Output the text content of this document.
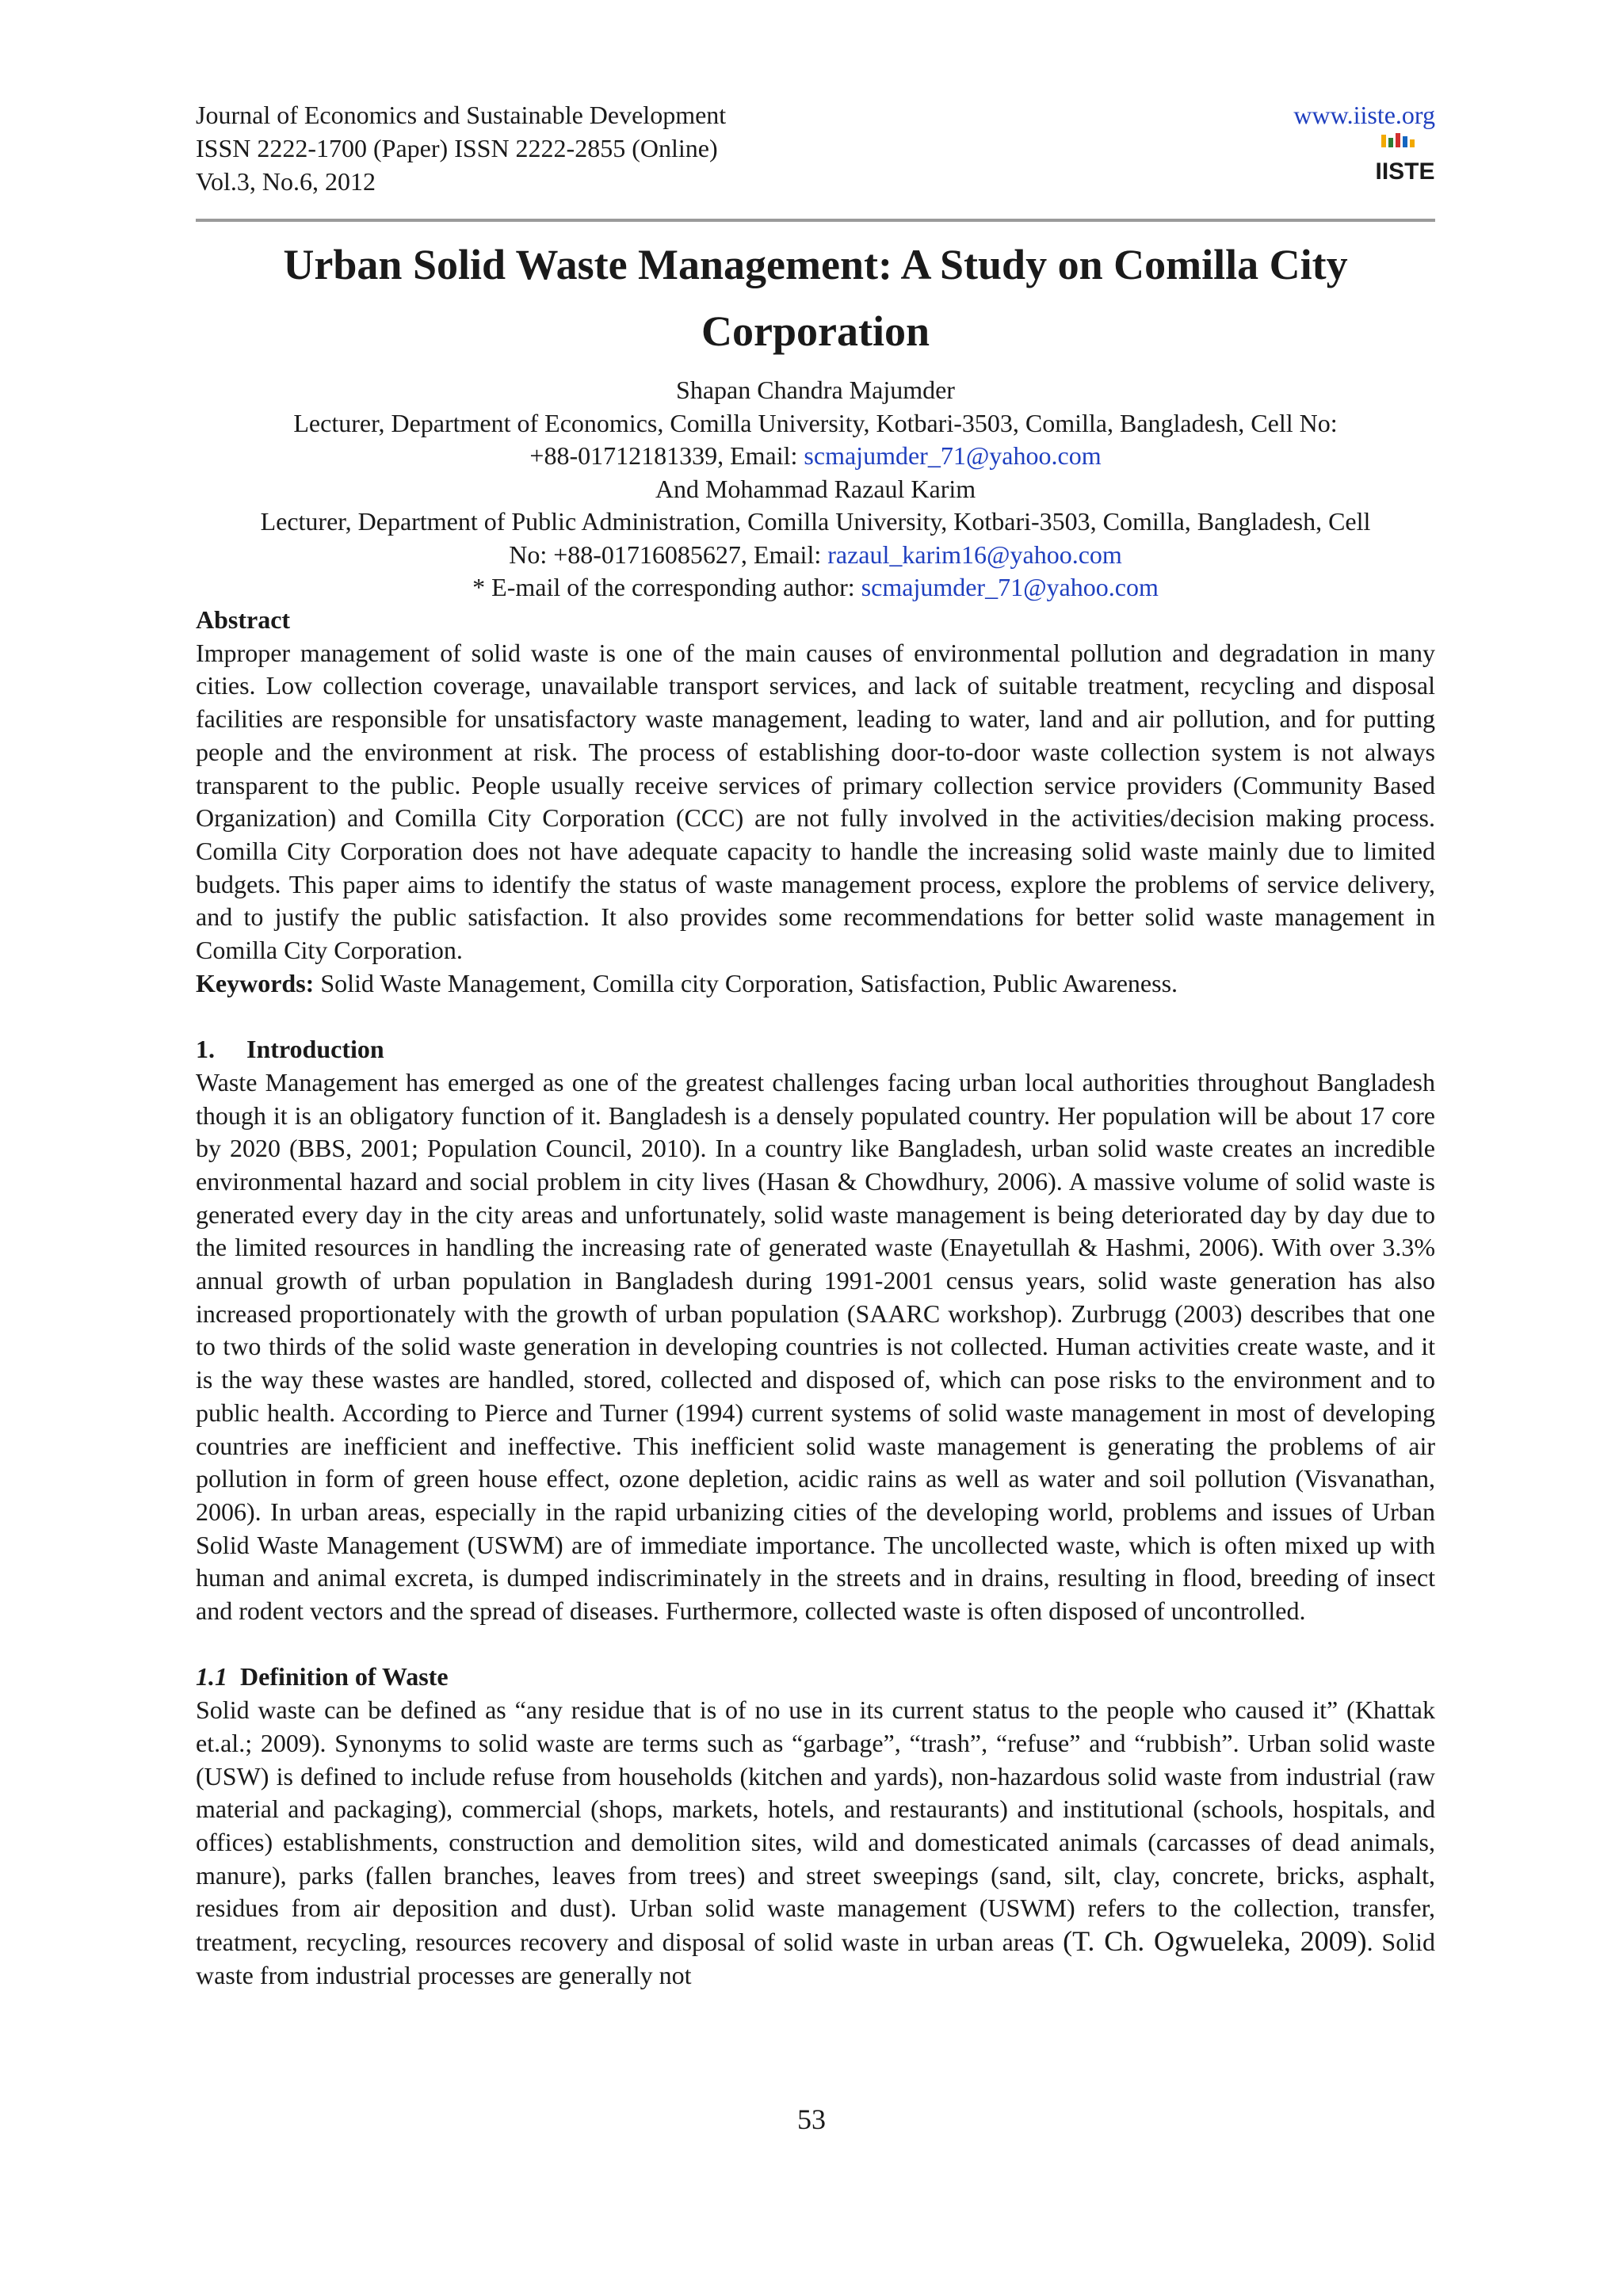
Journal of Economics and Sustainable Development
ISSN 2222-1700 (Paper) ISSN 2222-2855 (Online)
Vol.3, No.6, 2012
www.iiste.org
IISTE
Urban Solid Waste Management: A Study on Comilla City Corporation
Shapan Chandra Majumder
Lecturer, Department of Economics, Comilla University, Kotbari-3503, Comilla, Bangladesh, Cell No:
+88-01712181339, Email: scmajumder_71@yahoo.com
And Mohammad Razaul Karim
Lecturer, Department of Public Administration, Comilla University, Kotbari-3503, Comilla, Bangladesh, Cell
No: +88-01716085627, Email: razaul_karim16@yahoo.com
* E-mail of the corresponding author: scmajumder_71@yahoo.com
Abstract

Improper management of solid waste is one of the main causes of environmental pollution and degradation in many cities. Low collection coverage, unavailable transport services, and lack of suitable treatment, recycling and disposal facilities are responsible for unsatisfactory waste management, leading to water, land and air pollution, and for putting people and the environment at risk. The process of establishing door-to-door waste collection system is not always transparent to the public. People usually receive services of primary collection service providers (Community Based Organization) and Comilla City Corporation (CCC) are not fully involved in the activities/decision making process. Comilla City Corporation does not have adequate capacity to handle the increasing solid waste mainly due to limited budgets. This paper aims to identify the status of waste management process, explore the problems of service delivery, and to justify the public satisfaction. It also provides some recommendations for better solid waste management in Comilla City Corporation.

Keywords: Solid Waste Management, Comilla city Corporation, Satisfaction, Public Awareness.

1. Introduction

Waste Management has emerged as one of the greatest challenges facing urban local authorities throughout Bangladesh though it is an obligatory function of it. Bangladesh is a densely populated country. Her population will be about 17 core by 2020 (BBS, 2001; Population Council, 2010). In a country like Bangladesh, urban solid waste creates an incredible environmental hazard and social problem in city lives (Hasan & Chowdhury, 2006). A massive volume of solid waste is generated every day in the city areas and unfortunately, solid waste management is being deteriorated day by day due to the limited resources in handling the increasing rate of generated waste (Enayetullah & Hashmi, 2006). With over 3.3% annual growth of urban population in Bangladesh during 1991-2001 census years, solid waste generation has also increased proportionately with the growth of urban population (SAARC workshop). Zurbrugg (2003) describes that one to two thirds of the solid waste generation in developing countries is not collected. Human activities create waste, and it is the way these wastes are handled, stored, collected and disposed of, which can pose risks to the environment and to public health. According to Pierce and Turner (1994) current systems of solid waste management in most of developing countries are inefficient and ineffective. This inefficient solid waste management is generating the problems of air pollution in form of green house effect, ozone depletion, acidic rains as well as water and soil pollution (Visvanathan, 2006). In urban areas, especially in the rapid urbanizing cities of the developing world, problems and issues of Urban Solid Waste Management (USWM) are of immediate importance. The uncollected waste, which is often mixed up with human and animal excreta, is dumped indiscriminately in the streets and in drains, resulting in flood, breeding of insect and rodent vectors and the spread of diseases. Furthermore, collected waste is often disposed of uncontrolled.

1.1 Definition of Waste

Solid waste can be defined as “any residue that is of no use in its current status to the people who caused it” (Khattak et.al.; 2009). Synonyms to solid waste are terms such as “garbage”, “trash”, “refuse” and “rubbish”. Urban solid waste (USW) is defined to include refuse from households (kitchen and yards), non-hazardous solid waste from industrial (raw material and packaging), commercial (shops, markets, hotels, and restaurants) and institutional (schools, hospitals, and offices) establishments, construction and demolition sites, wild and domesticated animals (carcasses of dead animals, manure), parks (fallen branches, leaves from trees) and street sweepings (sand, silt, clay, concrete, bricks, asphalt, residues from air deposition and dust). Urban solid waste management (USWM) refers to the collection, transfer, treatment, recycling, resources recovery and disposal of solid waste in urban areas (T. Ch. Ogwueleka, 2009). Solid waste from industrial processes are generally not

53
